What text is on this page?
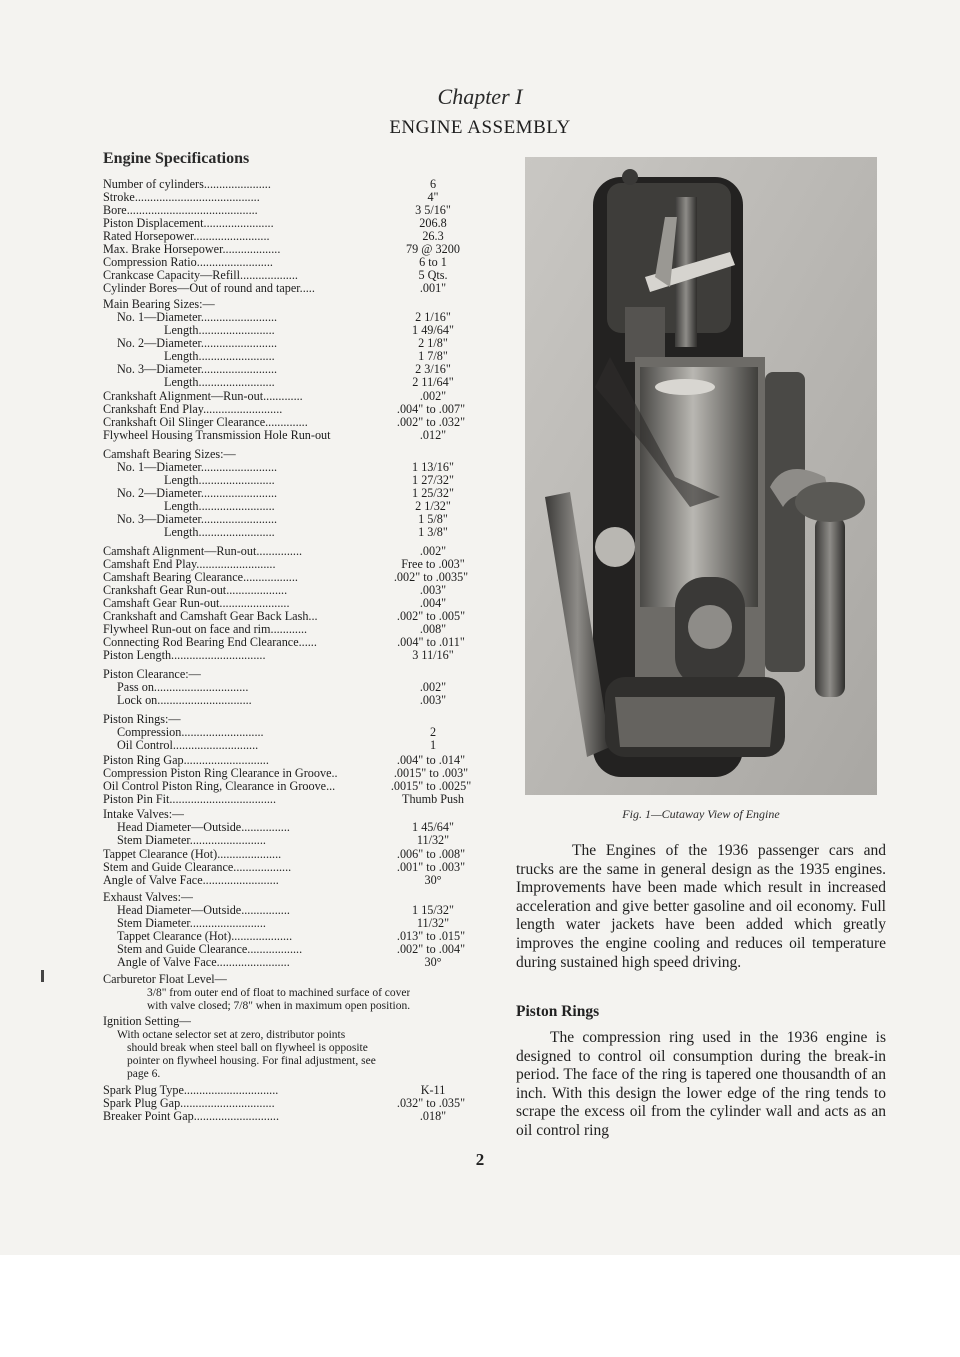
Chapter I
ENGINE ASSEMBLY
Engine Specifications
Number of cylinders......................	6
Stroke.........................................	4"
Bore...........................................	3 5/16"
Piston Displacement.......................	206.8
Rated Horsepower.........................	26.3
Max. Brake Horsepower...................	79 @ 3200
Compression Ratio.........................	6 to 1
Crankcase Capacity—Refill...................	5 Qts.
Cylinder Bores—Out of round and taper.....	.001"
Main Bearing Sizes:—
No. 1—Diameter.........................	2 1/16"
Length.........................	1 49/64"
No. 2—Diameter.........................	2 1/8"
Length.........................	1 7/8"
No. 3—Diameter.........................	2 3/16"
Length.........................	2 11/64"
Crankshaft Alignment—Run-out.............	.002"
Crankshaft End Play..........................	.004" to .007"
Crankshaft Oil Slinger Clearance..............	.002" to .032"
Flywheel Housing Transmission Hole Run-out	.012"
Camshaft Bearing Sizes:—
No. 1—Diameter.........................	1 13/16"
Length.........................	1 27/32"
No. 2—Diameter.........................	1 25/32"
Length.........................	2 1/32"
No. 3—Diameter.........................	1 5/8"
Length.........................	1 3/8"
Camshaft Alignment—Run-out...............	.002"
Camshaft End Play..........................	Free to .003"
Camshaft Bearing Clearance..................	.002" to .0035"
Crankshaft Gear Run-out....................	.003"
Camshaft Gear Run-out.......................	.004"
Crankshaft and Camshaft Gear Back Lash...	.002" to .005"
Flywheel Run-out on face and rim............	.008"
Connecting Rod Bearing End Clearance......	.004" to .011"
Piston Length...............................	3 11/16"
Piston Clearance:—
Pass on...............................	.002"
Lock on...............................	.003"
Piston Rings:—
Compression...........................	2
Oil Control............................	1
Piston Ring Gap............................	.004" to .014"
Compression Piston Ring Clearance in Groove..	.0015" to .003"
Oil Control Piston Ring, Clearance in Groove...	.0015" to .0025"
Piston Pin Fit...................................	Thumb Push
Intake Valves:—
Head Diameter—Outside................	1 45/64"
Stem Diameter.........................	11/32"
Tappet Clearance (Hot).....................	.006" to .008"
Stem and Guide Clearance...................	.001" to .003"
Angle of Valve Face.........................	30°
Exhaust Valves:—
Head Diameter—Outside................	1 15/32"
Stem Diameter.........................	11/32"
Tappet Clearance (Hot)....................	.013" to .015"
Stem and Guide Clearance..................	.002" to .004"
Angle of Valve Face........................	30°
Carburetor Float Level—
3/8" from outer end of float to machined surface of cover
with valve closed; 7/8" when in maximum open position.
Ignition Setting—
With octane selector set at zero, distributor points
should break when steel ball on flywheel is opposite
pointer on flywheel housing. For final adjustment, see
page 6.
Spark Plug Type...............................	K-11
Spark Plug Gap...............................	.032" to .035"
Breaker Point Gap............................	.018"
Fig. 1—Cutaway View of Engine
The Engines of the 1936 passenger cars and trucks are the same in general design as the 1935 engines. Improvements have been made which result in increased acceleration and give better gasoline and oil economy. Full length water jackets have been added which greatly improves the engine cooling and reduces oil temperature during sustained high speed driving.
Piston Rings
The compression ring used in the 1936 engine is designed to control oil consumption during the break-in period. The face of the ring is tapered one thousandth of an inch. With this design the lower edge of the ring tends to scrape the excess oil from the cylinder wall and acts as an oil control ring
2
